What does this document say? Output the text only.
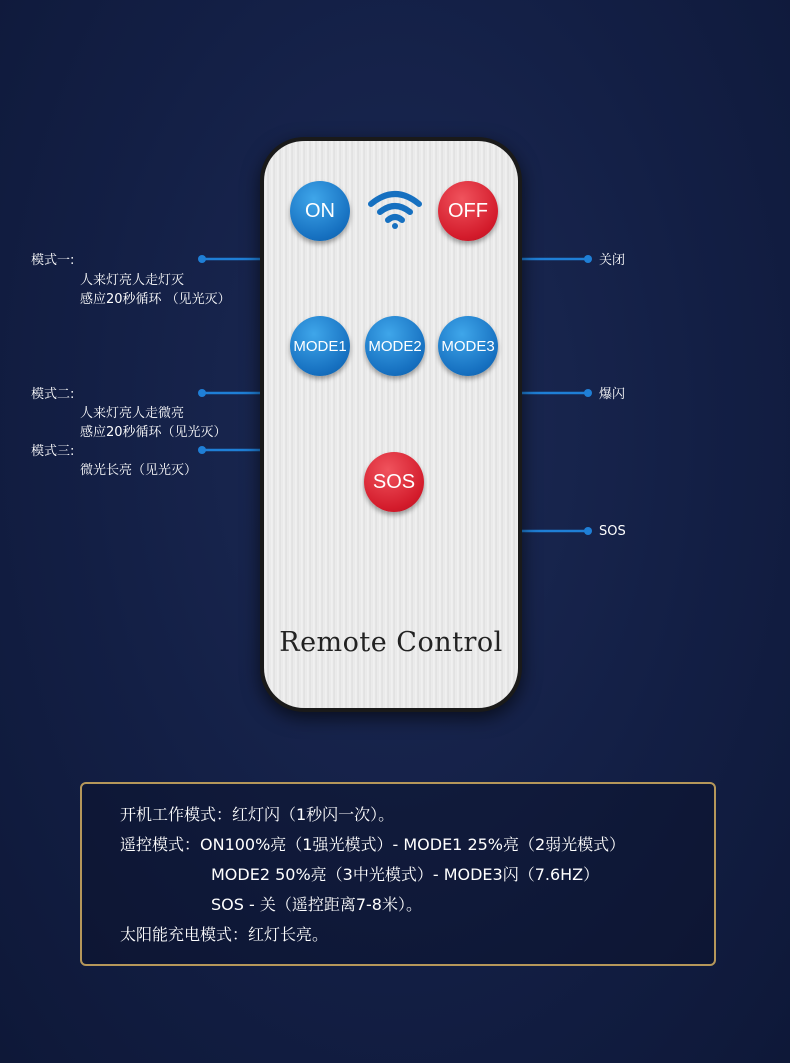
Remote Control
ON	OFF
MODE1 MODE2 MODE3
SOS
模式一:
人来灯亮人走灯灭
感应20秒循环 （见光灭）
模式二:
人来灯亮人走微亮
感应20秒循环（见光灭）
模式三:
微光长亮（见光灭）
关闭
爆闪
SOS
开机工作模式：红灯闪（1秒闪一次）。
遥控模式：ON100%亮（1强光模式）- MODE1 25%亮（2弱光模式）
MODE2 50%亮（3中光模式）- MODE3闪（7.6HZ）
SOS - 关（遥控距离7-8米）。
太阳能充电模式：红灯长亮。
